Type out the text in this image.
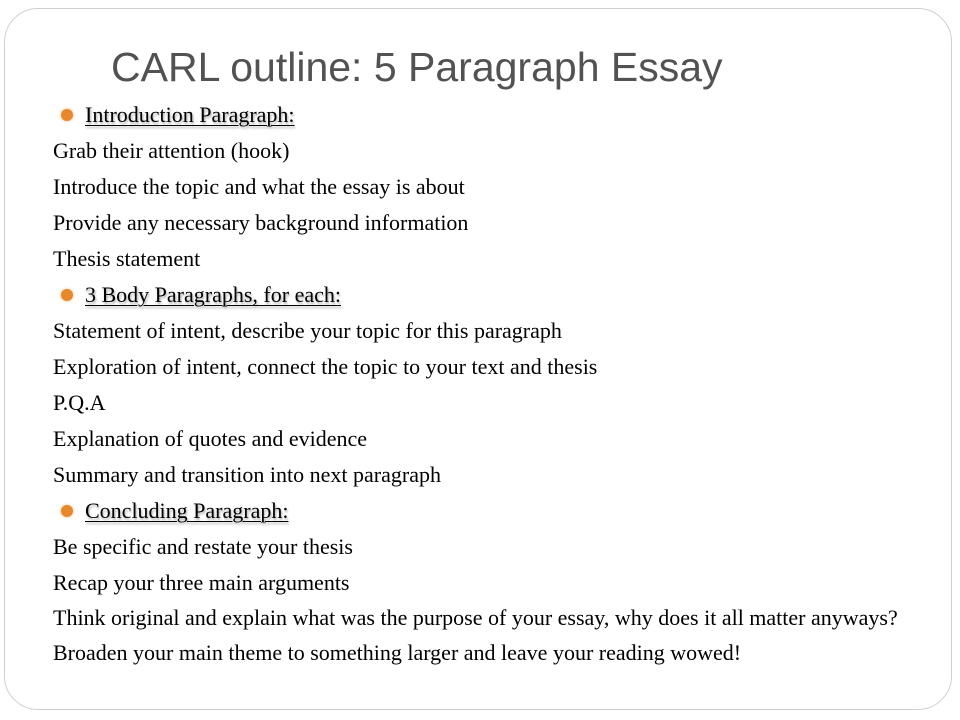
CARL outline: 5 Paragraph Essay
Introduction Paragraph:
Grab their attention (hook)
Introduce the topic and what the essay is about
Provide any necessary background information
Thesis statement
3 Body Paragraphs, for each:
Statement of intent, describe your topic for this paragraph
Exploration of intent, connect the topic to your text and thesis
P.Q.A
Explanation of quotes and evidence
Summary and transition into next paragraph
Concluding Paragraph:
Be specific and restate your thesis
Recap your three main arguments
Think original and explain what was the purpose of your essay, why does it all matter anyways?
Broaden your main theme to something larger and leave your reading wowed!
